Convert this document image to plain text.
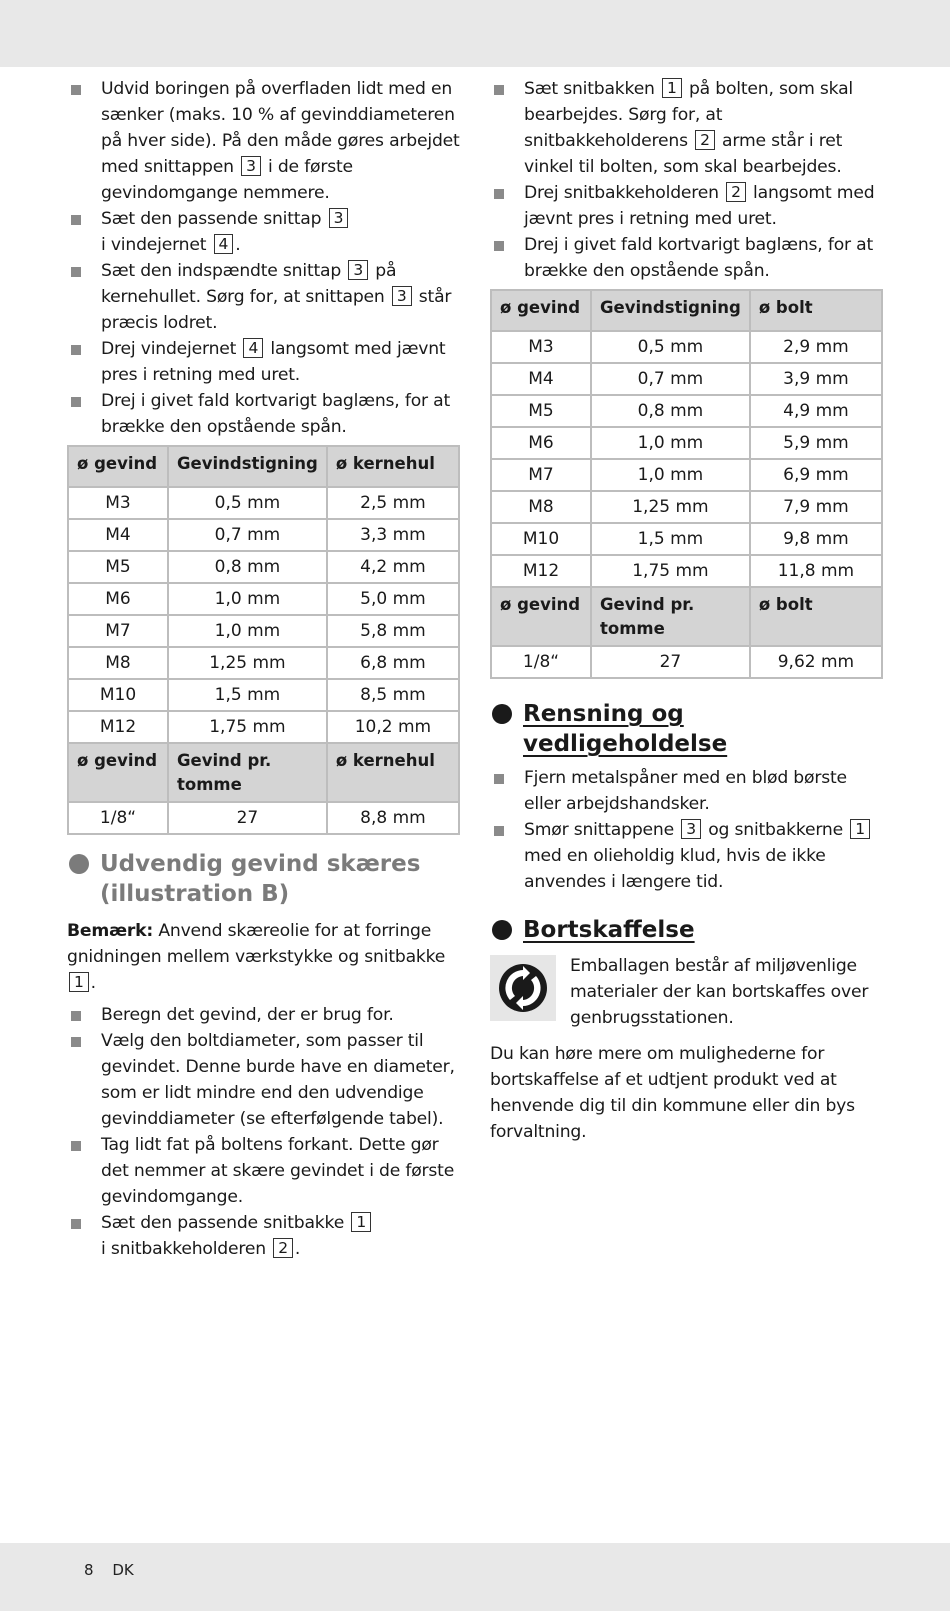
Udvid boringen på overfladen lidt med en sænker (maks. 10 % af gevinddiameteren på hver side). På den måde gøres arbejdet med snittappen 3 i de første gevindomgange nemmere.
Sæt den passende snittap 3
i vindejernet 4 .
Sæt den indspændte snittap 3 på kernehullet. Sørg for, at snittapen 3 står præcis lodret.
Drej vindejernet 4 langsomt med jævnt pres i retning med uret.
Drej i givet fald kortvarigt baglæns, for at brække den opstående spån.
ø gevind	Gevindstigning	ø kernehul
M3	0,5 mm	2,5 mm
M4	0,7 mm	3,3 mm
M5	0,8 mm	4,2 mm
M6	1,0 mm	5,0 mm
M7	1,0 mm	5,8 mm
M8	1,25 mm	6,8 mm
M10	1,5 mm	8,5 mm
M12	1,75 mm	10,2 mm
ø gevind	Gevind pr. tomme	ø kernehul
1/8“	27	8,8 mm
Udvendig gevind skæres
(illustration B)

Bemærk: Anvend skæreolie for at forringe gnidningen mellem værkstykke og snitbakke 1 .

Beregn det gevind, der er brug for.
Vælg den boltdiameter, som passer til gevindet. Denne burde have en diameter, som er lidt mindre end den udvendige gevinddiameter (se efterfølgende tabel).
Tag lidt fat på boltens forkant. Dette gør det nemmer at skære gevindet i de første gevindomgange.
Sæt den passende snitbakke 1
i snitbakkeholderen 2 .
Sæt snitbakken 1 på bolten, som skal bearbejdes. Sørg for, at snitbakkeholderens 2 arme står i ret vinkel til bolten, som skal bearbejdes.
Drej snitbakkeholderen 2 langsomt med jævnt pres i retning med uret.
Drej i givet fald kortvarigt baglæns, for at brække den opstående spån.
ø gevind	Gevindstigning	ø bolt
M3	0,5 mm	2,9 mm
M4	0,7 mm	3,9 mm
M5	0,8 mm	4,9 mm
M6	1,0 mm	5,9 mm
M7	1,0 mm	6,9 mm
M8	1,25 mm	7,9 mm
M10	1,5 mm	9,8 mm
M12	1,75 mm	11,8 mm
ø gevind	Gevind pr. tomme	ø bolt
1/8“	27	9,62 mm
Rensning og vedligeholdelse
Fjern metalspåner med en blød børste eller arbejdshandsker.
Smør snittappene 3 og snitbakkerne 1 med en olieholdig klud, hvis de ikke anvendes i længere tid.
Bortskaffelse
Emballagen består af miljøvenlige materialer der kan bortskaffes over genbrugsstationen.

Du kan høre mere om mulighederne for bortskaffelse af et udtjent produkt ved at henvende dig til din kommune eller din bys forvaltning.

8 DK
